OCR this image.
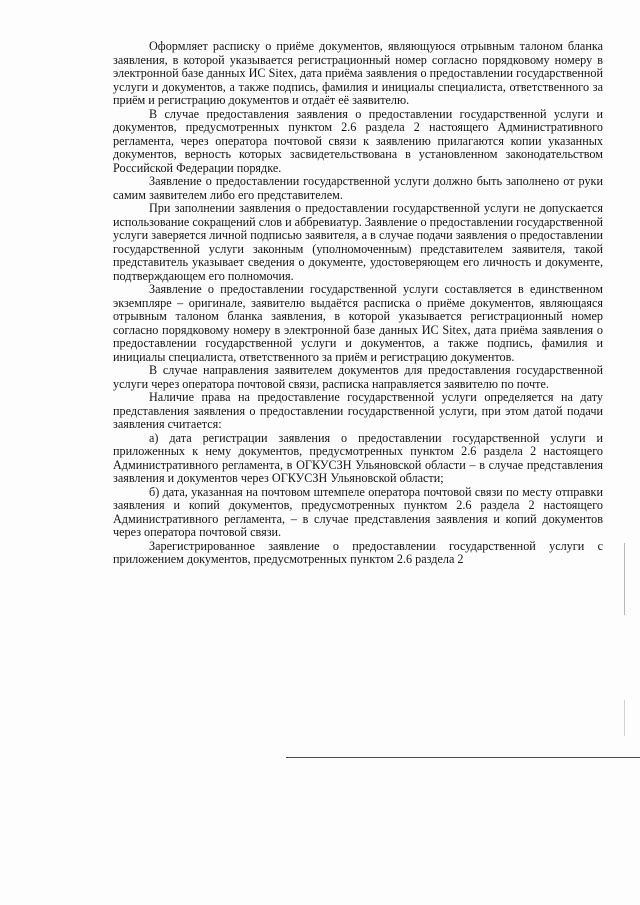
Оформляет расписку о приёме документов, являющуюся отрывным талоном бланка заявления, в которой указывается регистрационный номер согласно порядковому номеру в электронной базе данных ИС Sitex, дата приёма заявления о предоставлении государственной услуги и документов, а также подпись, фамилия и инициалы специалиста, ответственного за приём и регистрацию документов и отдаёт её заявителю.

В случае предоставления заявления о предоставлении государственной услуги и документов, предусмотренных пунктом 2.6 раздела 2 настоящего Административного регламента, через оператора почтовой связи к заявлению прилагаются копии указанных документов, верность которых засвидетельствована в установленном законодательством Российской Федерации порядке.

Заявление о предоставлении государственной услуги должно быть заполнено от руки самим заявителем либо его представителем.

При заполнении заявления о предоставлении государственной услуги не допускается использование сокращений слов и аббревиатур. Заявление о предоставлении государственной услуги заверяется личной подписью заявителя, а в случае подачи заявления о предоставлении государственной услуги законным (уполномоченным) представителем заявителя, такой представитель указывает сведения о документе, удостоверяющем его личность и документе, подтверждающем его полномочия.

Заявление о предоставлении государственной услуги составляется в единственном экземпляре – оригинале, заявителю выдаётся расписка о приёме документов, являющаяся отрывным талоном бланка заявления, в которой указывается регистрационный номер согласно порядковому номеру в электронной базе данных ИС Sitex, дата приёма заявления о предоставлении государственной услуги и документов, а также подпись, фамилия и инициалы специалиста, ответственного за приём и регистрацию документов.

В случае направления заявителем документов для предоставления государственной услуги через оператора почтовой связи, расписка направляется заявителю по почте.

Наличие права на предоставление государственной услуги определяется на дату представления заявления о предоставлении государственной услуги, при этом датой подачи заявления считается:

а) дата регистрации заявления о предоставлении государственной услуги и приложенных к нему документов, предусмотренных пунктом 2.6 раздела 2 настоящего Административного регламента, в ОГКУСЗН Ульяновской области – в случае представления заявления и документов через ОГКУСЗН Ульяновской области;

б) дата, указанная на почтовом штемпеле оператора почтовой связи по месту отправки заявления и копий документов, предусмотренных пунктом 2.6 раздела 2 настоящего Административного регламента, – в случае представления заявления и копий документов через оператора почтовой связи.

Зарегистрированное заявление о предоставлении государственной услуги с приложением документов, предусмотренных пунктом 2.6 раздела 2
